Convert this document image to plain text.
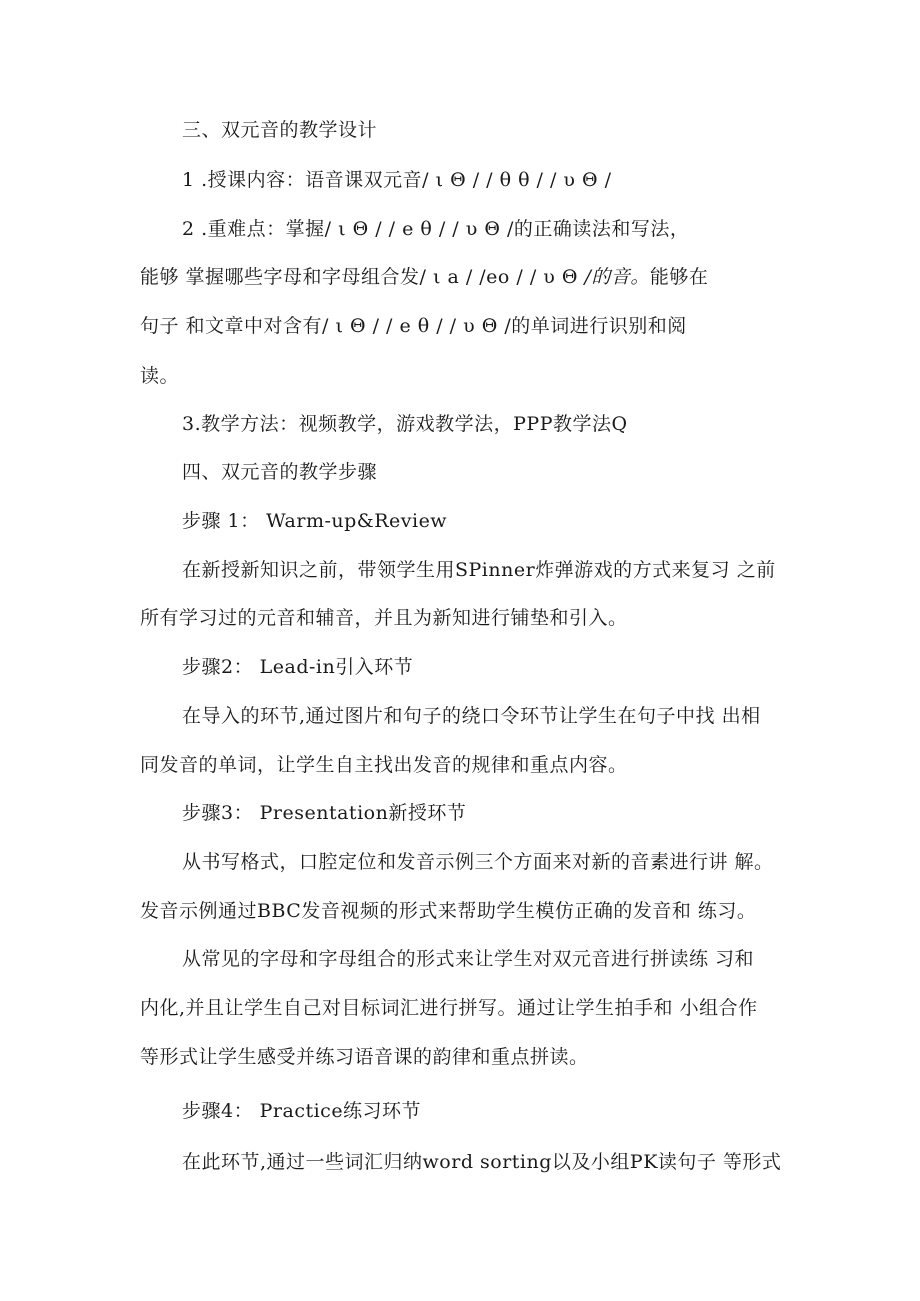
三、双元音的教学设计
1 .授课内容：语音课双元音/ ι Θ / / θ θ / / υ Θ /
2 .重难点：掌握/ ι Θ / / e θ / / υ Θ /的正确读法和写法，
能够 掌握哪些字母和字母组合发/ ι a / /eo / / υ Θ /的音。能够在
句子 和文章中对含有/ ι Θ / / e θ / / υ Θ /的单词进行识别和阅
读。
3.教学方法：视频教学，游戏教学法，PPP教学法Q
四、双元音的教学步骤
步骤 1： Warm-up&Review
在新授新知识之前，带领学生用SPinner炸弹游戏的方式来复习 之前
所有学习过的元音和辅音，并且为新知进行铺垫和引入。
步骤2： Lead-in引入环节
在导入的环节,通过图片和句子的绕口令环节让学生在句子中找 出相
同发音的单词，让学生自主找出发音的规律和重点内容。
步骤3： Presentation新授环节
从书写格式，口腔定位和发音示例三个方面来对新的音素进行讲 解。
发音示例通过BBC发音视频的形式来帮助学生模仿正确的发音和 练习。
从常见的字母和字母组合的形式来让学生对双元音进行拼读练 习和
内化,并且让学生自己对目标词汇进行拼写。通过让学生拍手和 小组合作
等形式让学生感受并练习语音课的韵律和重点拼读。
步骤4： Practice练习环节
在此环节,通过一些词汇归纳word sorting以及小组PK读句子 等形式
